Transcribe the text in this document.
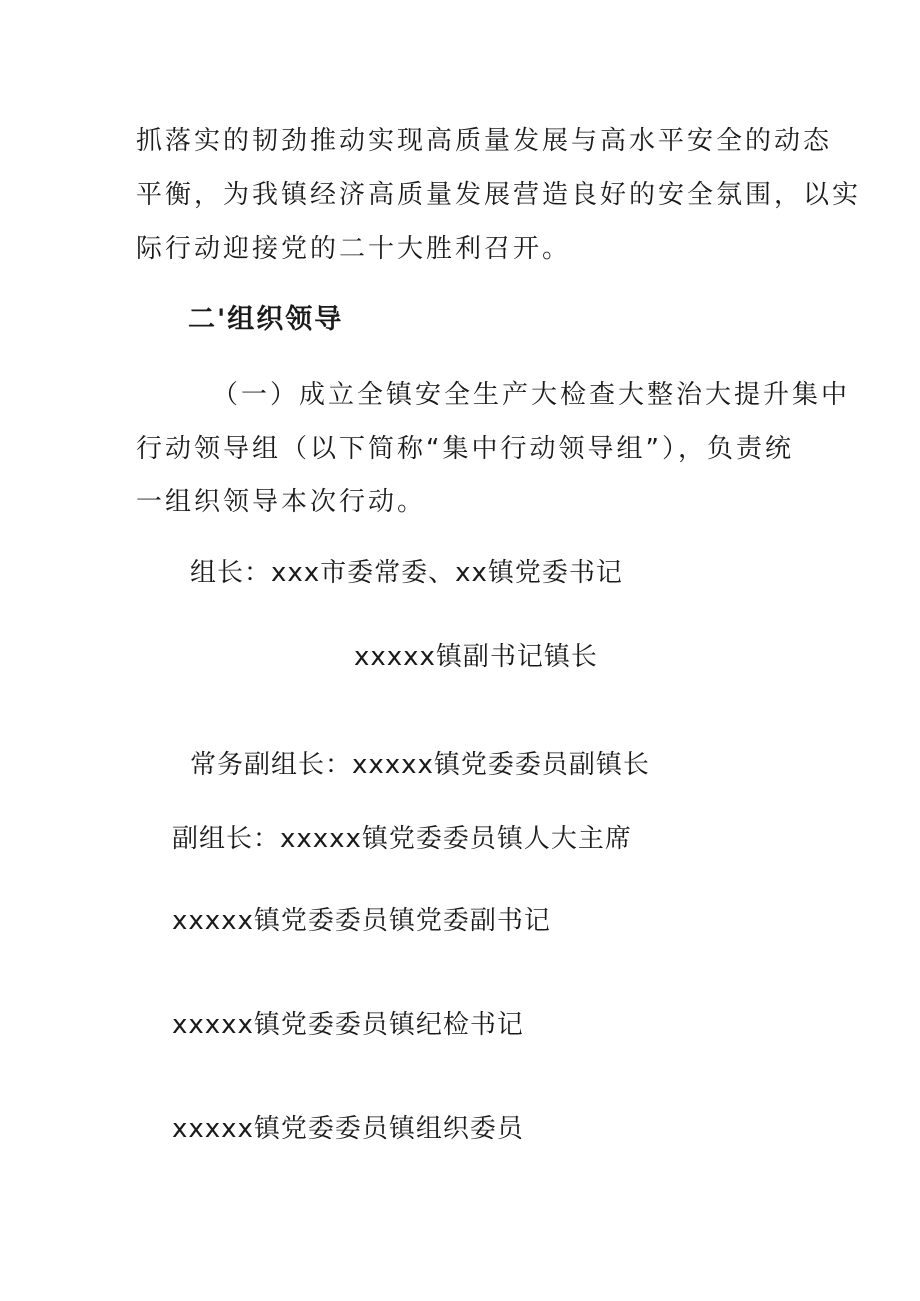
抓落实的韧劲推动实现高质量发展与高水平安全的动态
平衡，为我镇经济高质量发展营造良好的安全氛围，以实
际行动迎接党的二十大胜利召开。
二'组织领导
（一）成立全镇安全生产大检查大整治大提升集中
行动领导组（以下简称“集中行动领导组”），负责统
一组织领导本次行动。
组长：xxx市委常委、xx镇党委书记
xxxxx镇副书记镇长
常务副组长：xxxxx镇党委委员副镇长
副组长：xxxxx镇党委委员镇人大主席
xxxxx镇党委委员镇党委副书记
xxxxx镇党委委员镇纪检书记
xxxxx镇党委委员镇组织委员
